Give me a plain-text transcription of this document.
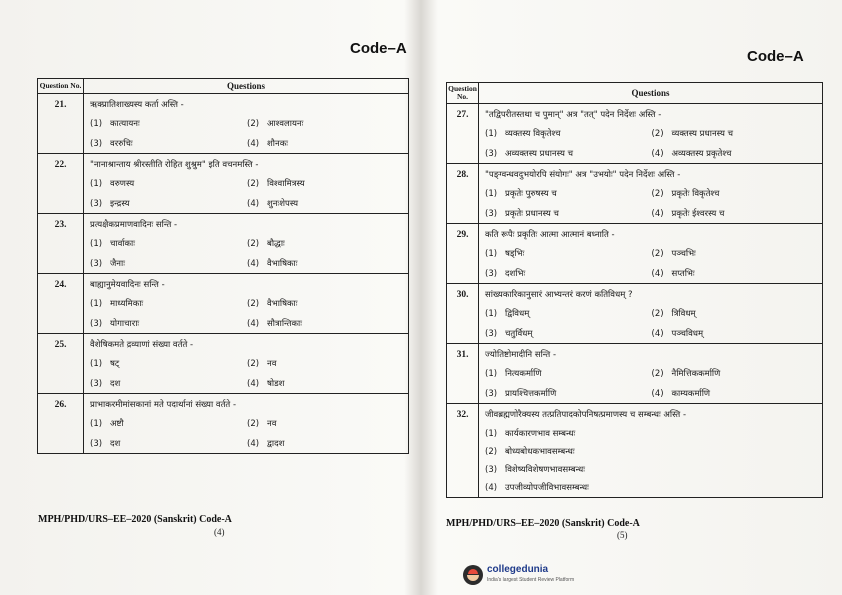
Code–A
Question No.	Questions
21.	ऋक्प्रातिशाख्यस्य कर्ता अस्ति -
(1) कात्यायनः (2) आश्वलायनः
(3) वररुचिः (4) शौनकः

22.	"नानाश्रान्ताय श्रीरस्तीति रोहित शुश्रुम" इति वचनमस्ति -
(1) वरुणस्य (2) विश्वामित्रस्य
(3) इन्द्रस्य (4) शुनःशेपस्य

23.	प्रत्यक्षैकप्रमाणवादिनः सन्ति -
(1) चार्वाकाः (2) बौद्धाः
(3) जैनाः (4) वैभाषिकाः

24.	बाह्यानुमेयवादिनः सन्ति -
(1) माध्यमिकाः (2) वैभाषिकाः
(3) योगाचाराः (4) सौत्रान्तिकाः

25.	वैशेषिकमते द्रव्याणां संख्या वर्तते -
(1) षट् (2) नव
(3) दश (4) षोडश

26.	प्राभाकरमीमांसकानां मते पदार्थानां संख्या वर्तते -
(1) अष्टौ (2) नव
(3) दश (4) द्वादश
MPH/PHD/URS–EE–2020 (Sanskrit) Code-A
(4)
Code–A
Question No.	Questions
27.	"तद्विपरीतस्तथा च पुमान्" अत्र "तत्" पदेन निर्देशः अस्ति -
(1) व्यक्तस्य विकृतेश्च (2) व्यक्तस्य प्रधानस्य च
(3) अव्यक्तस्य प्रधानस्य च (4) अव्यक्तस्य प्रकृतेश्च

28.	"पङ्ग्वन्धवदुभयोरपि संयोगः" अत्र "उभयोः" पदेन निर्देशः अस्ति -
(1) प्रकृतेः पुरुषस्य च (2) प्रकृतेः विकृतेश्च
(3) प्रकृतेः प्रधानस्य च (4) प्रकृतेः ईश्वरस्य च

29.	कति रूपैः प्रकृतिः आत्मा आत्मानं बध्नाति -
(1) षड्भिः (2) पञ्चभिः
(3) दशभिः (4) सप्तभिः

30.	सांख्यकारिकानुसारं आभ्यन्तरं करणं कतिविधम् ?
(1) द्विविधम् (2) त्रिविधम्
(3) चतुर्विधम् (4) पञ्चविधम्

31.	ज्योतिष्टोमादीनि सन्ति -
(1) नित्यकर्माणि (2) नैमित्तिककर्माणि
(3) प्रायश्चित्तकर्माणि (4) काम्यकर्माणि

32.	जीवब्रह्मणोरैक्यस्य तत्प्रतिपादकोपनिषत्प्रमाणस्य च सम्बन्धः अस्ति -
(1) कार्यकारणभाव सम्बन्धः
(2) बोध्यबोधकभावसम्बन्धः
(3) विशेष्यविशेषणभावसम्बन्धः
(4) उपजीव्योपजीविभावसम्बन्धः
MPH/PHD/URS–EE–2020 (Sanskrit) Code-A
(5)
collegedunia
India's largest Student Review Platform
